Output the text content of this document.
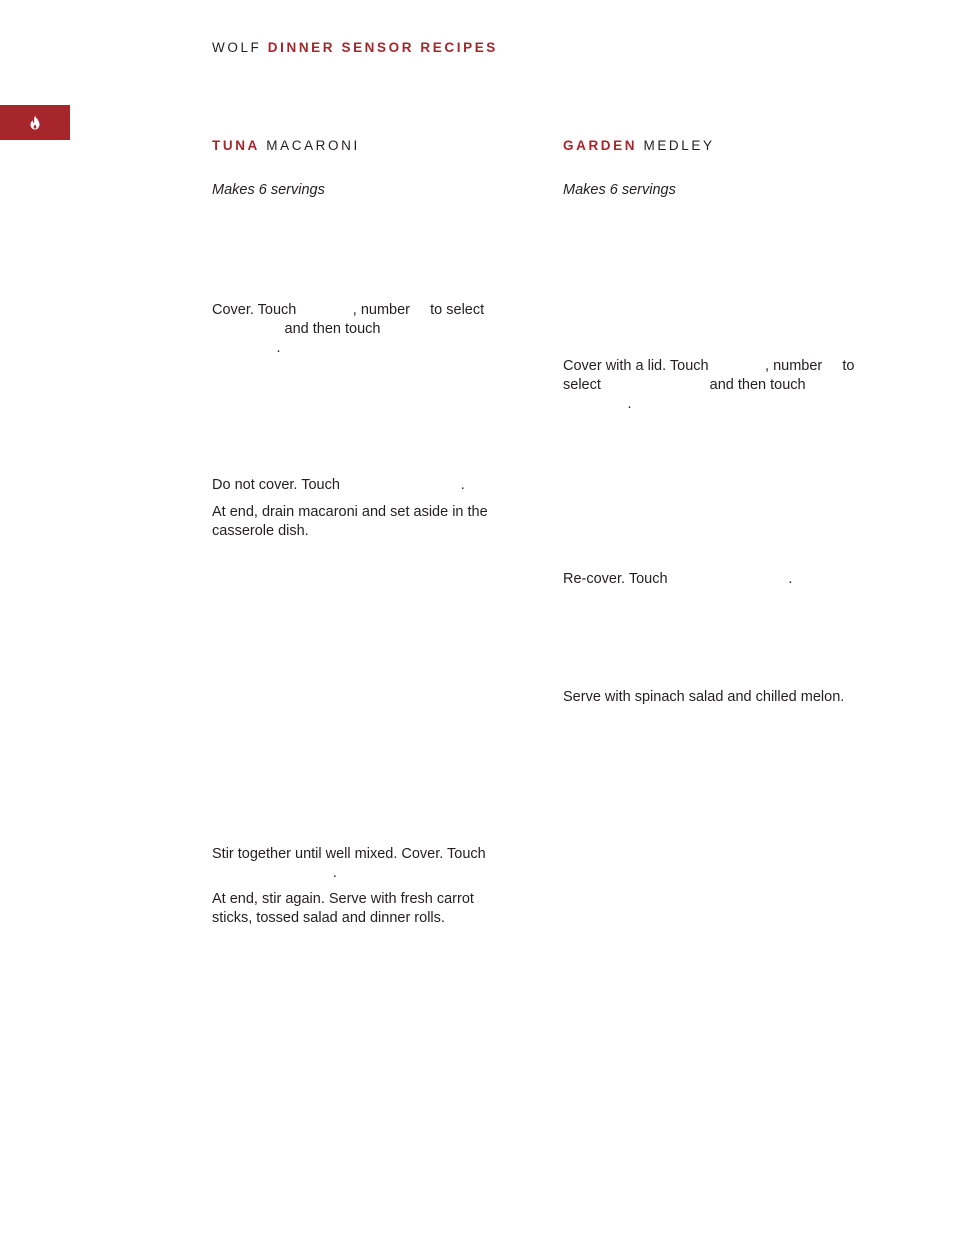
WOLF DINNER SENSOR RECIPES
TUNA MACARONI
Makes 6 servings
Cover. Touch              , number     to select
and then touch
.
Do not cover. Touch                              .
At end, drain macaroni and set aside in the
casserole dish.
Stir together until well mixed. Cover. Touch
.
At end, stir again. Serve with fresh carrot
sticks, tossed salad and dinner rolls.
GARDEN MEDLEY
Makes 6 servings
Cover with a lid. Touch              , number     to
select                           and then touch
.
Re-cover. Touch                              .
Serve with spinach salad and chilled melon.
